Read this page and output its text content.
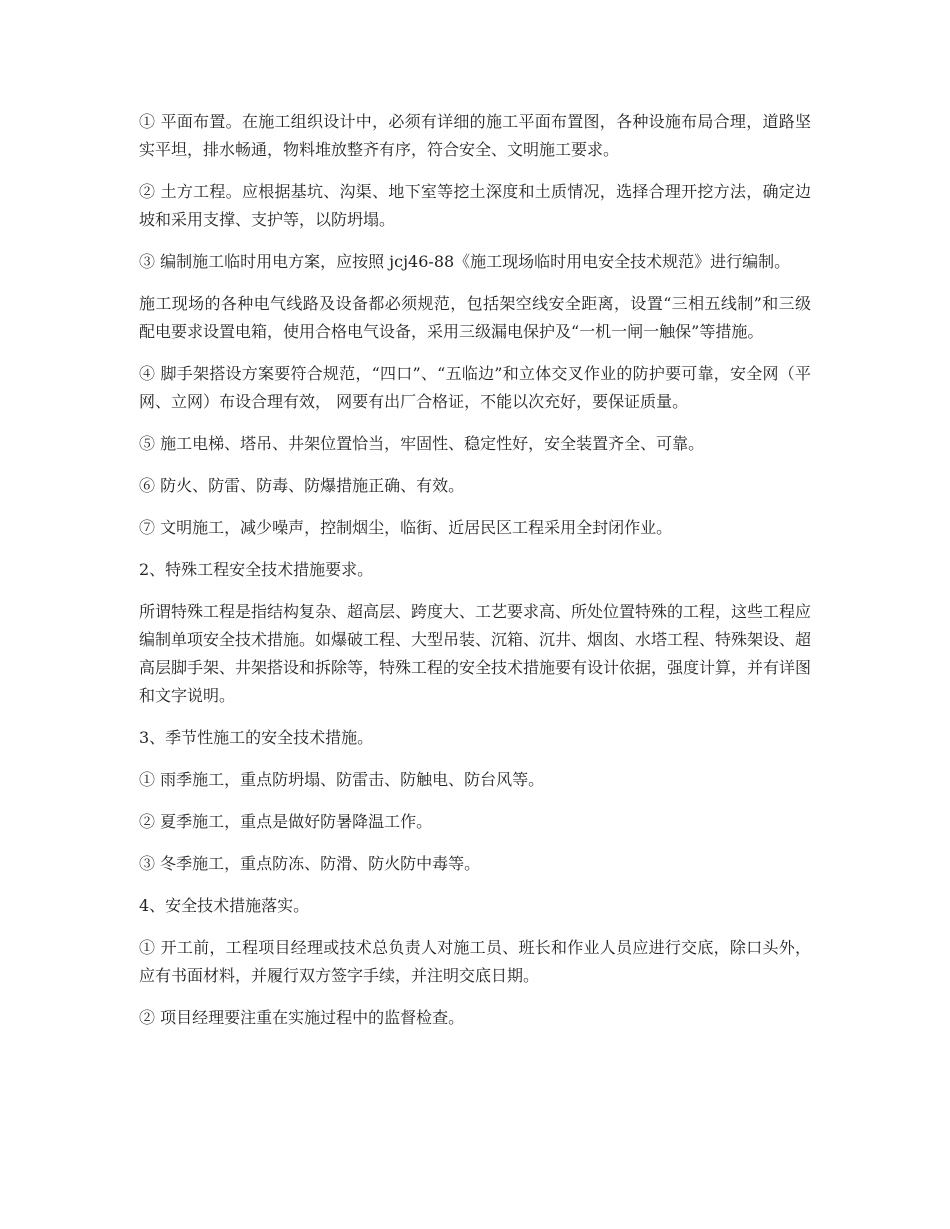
① 平面布置。在施工组织设计中，必须有详细的施工平面布置图，各种设施布局合理，道路坚实平坦，排水畅通，物料堆放整齐有序，符合安全、文明施工要求。

② 土方工程。应根据基坑、沟渠、地下室等挖土深度和土质情况，选择合理开挖方法，确定边坡和采用支撑、支护等，以防坍塌。

③ 编制施工临时用电方案，应按照 jcj46-88《施工现场临时用电安全技术规范》进行编制。

施工现场的各种电气线路及设备都必须规范，包括架空线安全距离，设置“三相五线制”和三级配电要求设置电箱，使用合格电气设备，采用三级漏电保护及“一机一闸一触保”等措施。

④ 脚手架搭设方案要符合规范，“四口”、“五临边”和立体交叉作业的防护要可靠，安全网（平网、立网）布设合理有效， 网要有出厂合格证，不能以次充好，要保证质量。

⑤ 施工电梯、塔吊、井架位置恰当，牢固性、稳定性好，安全装置齐全、可靠。

⑥ 防火、防雷、防毒、防爆措施正确、有效。

⑦ 文明施工，减少噪声，控制烟尘，临街、近居民区工程采用全封闭作业。

2、特殊工程安全技术措施要求。

所谓特殊工程是指结构复杂、超高层、跨度大、工艺要求高、所处位置特殊的工程，这些工程应编制单项安全技术措施。如爆破工程、大型吊装、沉箱、沉井、烟囱、水塔工程、特殊架设、超高层脚手架、井架搭设和拆除等，特殊工程的安全技术措施要有设计依据，强度计算，并有详图和文字说明。

3、季节性施工的安全技术措施。

① 雨季施工，重点防坍塌、防雷击、防触电、防台风等。

② 夏季施工，重点是做好防暑降温工作。

③ 冬季施工，重点防冻、防滑、防火防中毒等。

4、安全技术措施落实。

① 开工前，工程项目经理或技术总负责人对施工员、班长和作业人员应进行交底，除口头外，应有书面材料，并履行双方签字手续，并注明交底日期。

② 项目经理要注重在实施过程中的监督检查。
